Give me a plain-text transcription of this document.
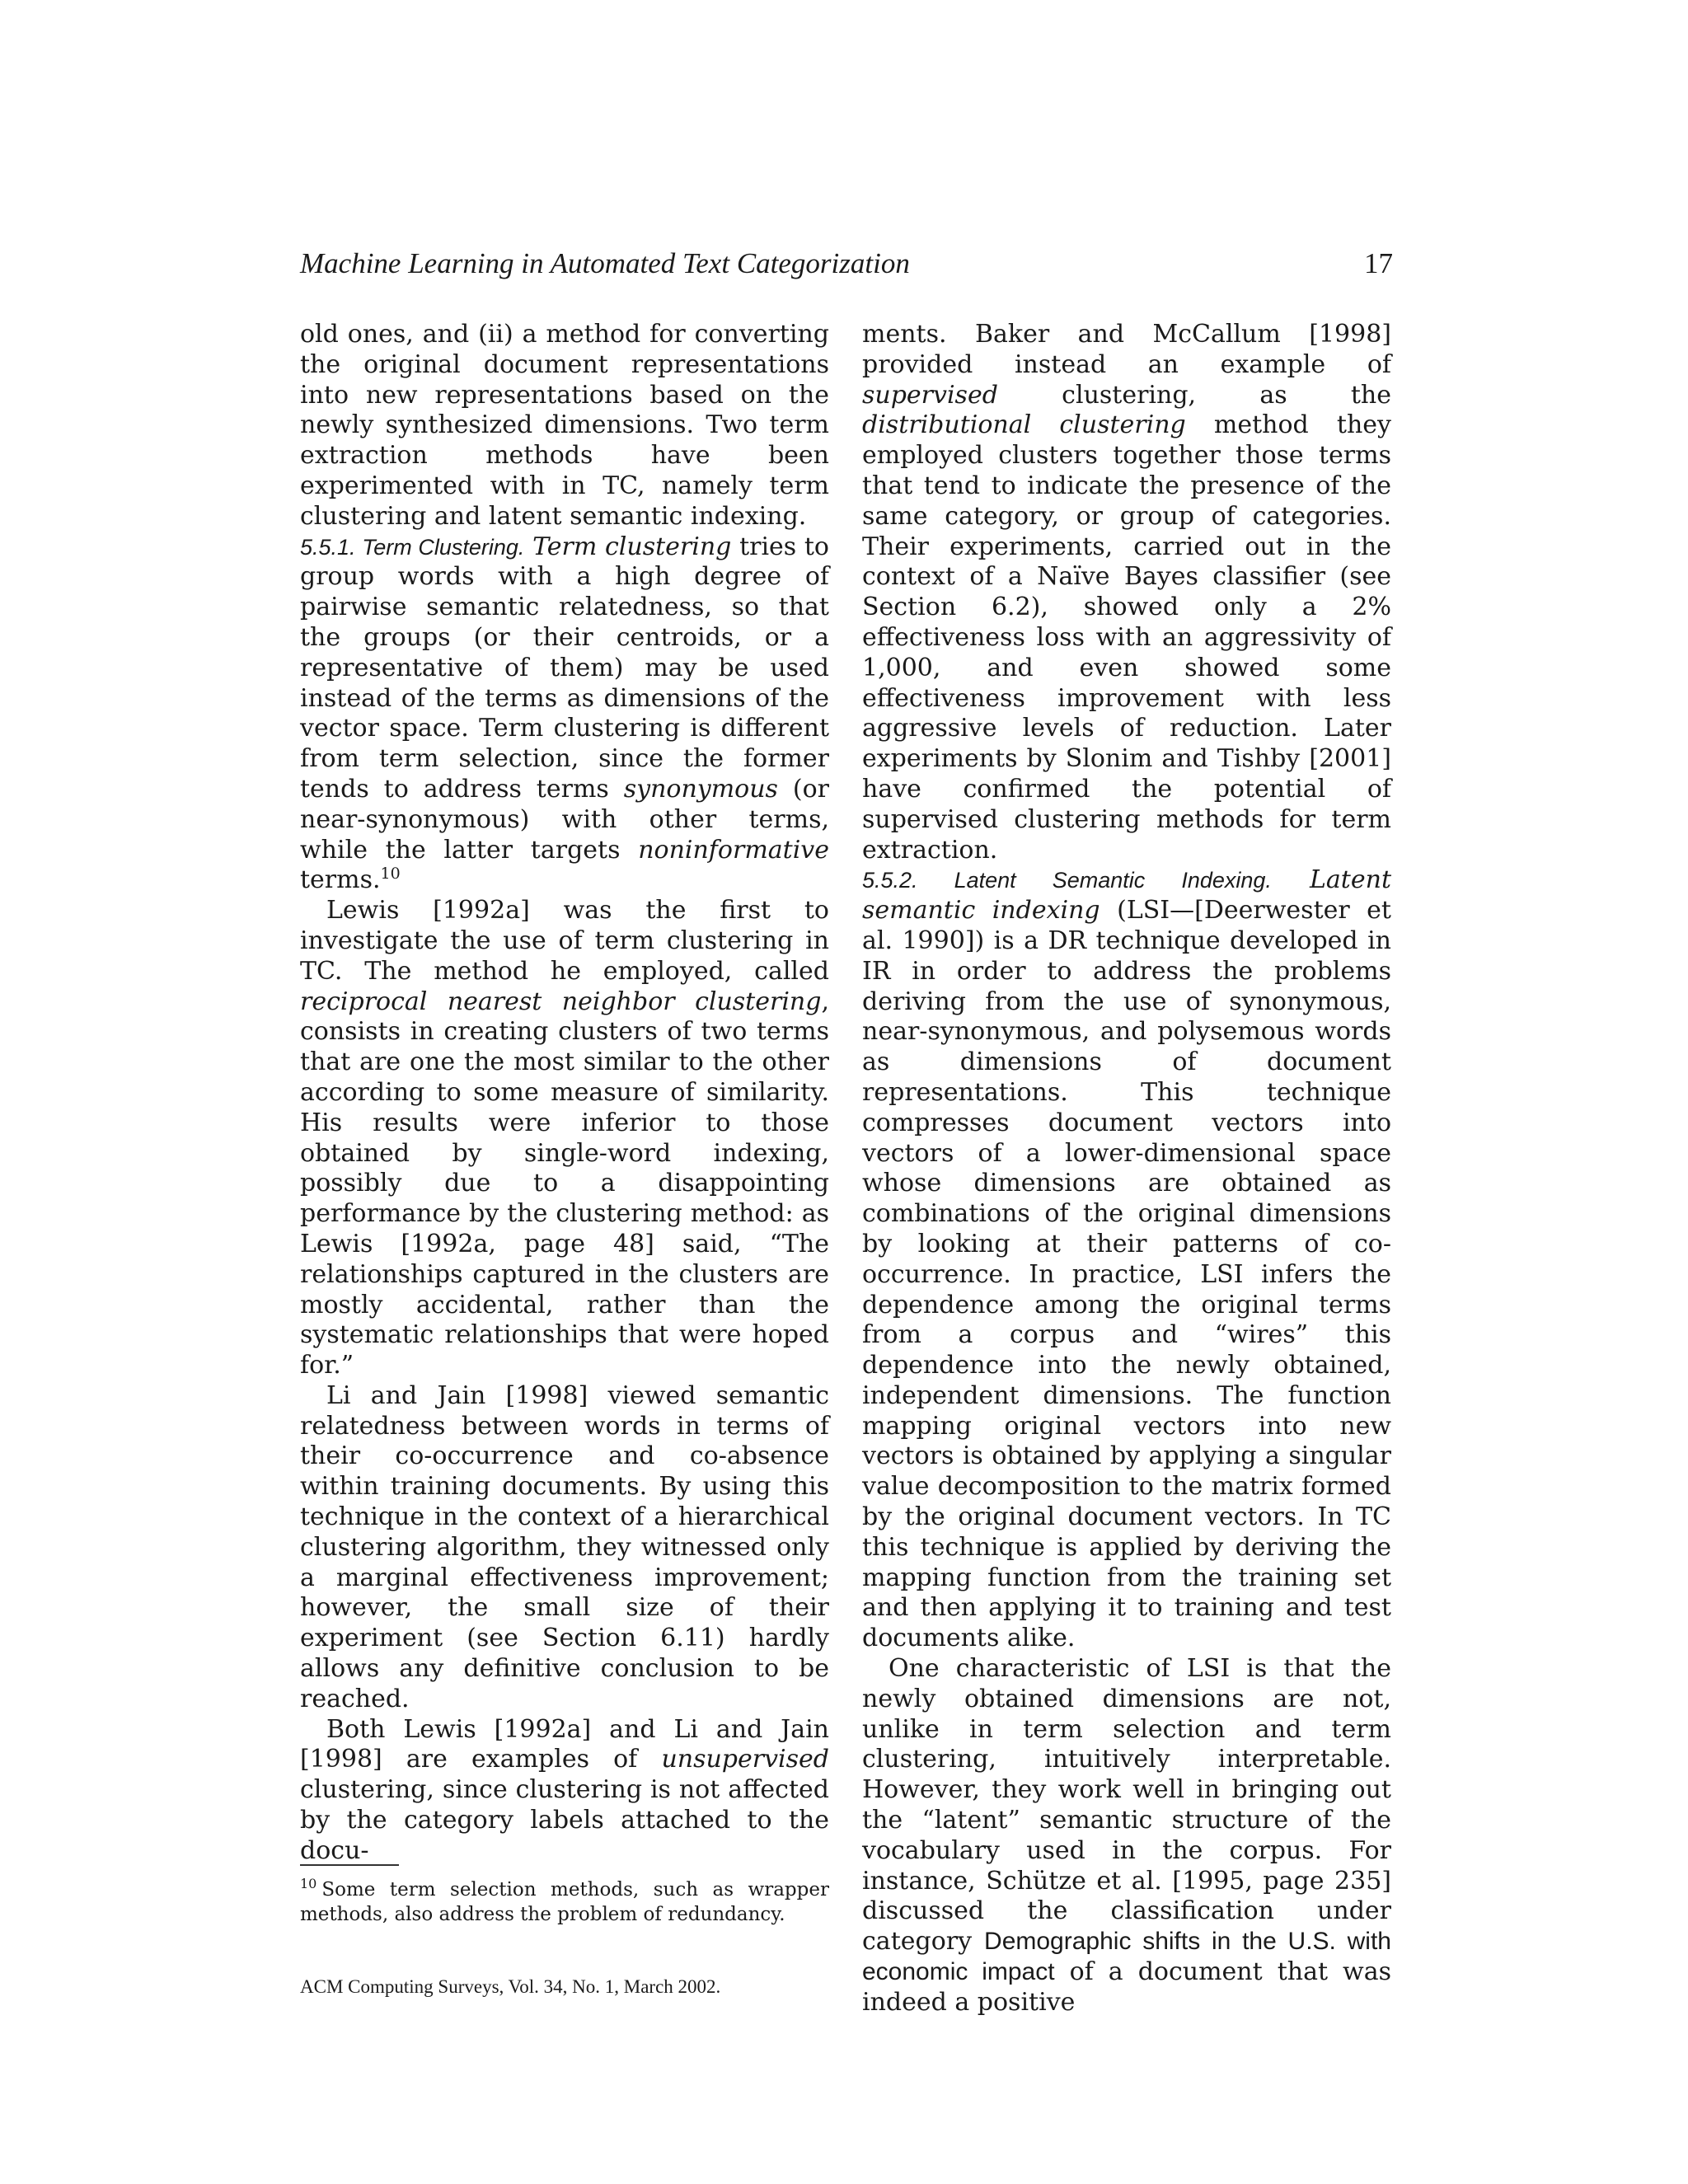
Machine Learning in Automated Text Categorization	17

old ones, and (ii) a method for converting the original document representations into new representations based on the newly synthesized dimensions. Two term extraction methods have been experimented with in TC, namely term clustering and latent semantic indexing.

5.5.1. Term Clustering. Term clustering tries to group words with a high degree of pairwise semantic relatedness, so that the groups (or their centroids, or a representative of them) may be used instead of the terms as dimensions of the vector space. Term clustering is different from term selection, since the former tends to address terms synonymous (or near-synonymous) with other terms, while the latter targets noninformative terms.$^{10}$

Lewis [1992a] was the first to investigate the use of term clustering in TC. The method he employed, called reciprocal nearest neighbor clustering, consists in creating clusters of two terms that are one the most similar to the other according to some measure of similarity. His results were inferior to those obtained by single-word indexing, possibly due to a disappointing performance by the clustering method: as Lewis [1992a, page 48] said, “The relationships captured in the clusters are mostly accidental, rather than the systematic relationships that were hoped for.”

Li and Jain [1998] viewed semantic relatedness between words in terms of their co-occurrence and co-absence within training documents. By using this technique in the context of a hierarchical clustering algorithm, they witnessed only a marginal effectiveness improvement; however, the small size of their experiment (see Section 6.11) hardly allows any definitive conclusion to be reached.

Both Lewis [1992a] and Li and Jain [1998] are examples of unsupervised clustering, since clustering is not affected by the category labels attached to the docu-

ments. Baker and McCallum [1998] provided instead an example of supervised	clustering, as the distributional clustering method they employed clusters together those terms that tend to indicate the presence of the same category, or group of categories. Their experiments, carried out in the context of a Naïve Bayes classifier (see Section 6.2), showed only a 2% effectiveness loss with an aggressivity of 1,000, and even showed some effectiveness improvement with less aggressive levels of reduction. Later experiments by Slonim and Tishby [2001] have confirmed the potential of supervised clustering methods for term extraction.

5.5.2. Latent Semantic Indexing. Latent semantic indexing (LSI—[Deerwester et al. 1990]) is a DR technique developed in IR in order to address the problems deriving from the use of synonymous, near-synonymous, and polysemous words as dimensions of document representations. This technique compresses document vectors into vectors of a lower-dimensional space whose dimensions are obtained as combinations of the original dimensions by looking at their patterns of co-occurrence. In practice, LSI infers the dependence among the original terms from a corpus and “wires” this dependence into the newly obtained, independent dimensions. The function mapping original vectors into new vectors is obtained by applying a singular value decomposition to the matrix formed by the original document vectors. In TC this technique is applied by deriving the mapping function from the training set and then applying it to training and test documents alike.

One characteristic of LSI is that the newly obtained dimensions are not, unlike in term selection and term clustering, intuitively interpretable. However, they work well in bringing out the “latent” semantic structure of the vocabulary used in the corpus. For instance, Schütze et al. [1995, page 235] discussed the classification under category Demographic shifts in the U.S. with economic impact of a document that was indeed a positive

$^{10}$ Some term selection methods, such as wrapper methods, also address the problem of redundancy.
ACM Computing Surveys, Vol. 34, No. 1, March 2002.
